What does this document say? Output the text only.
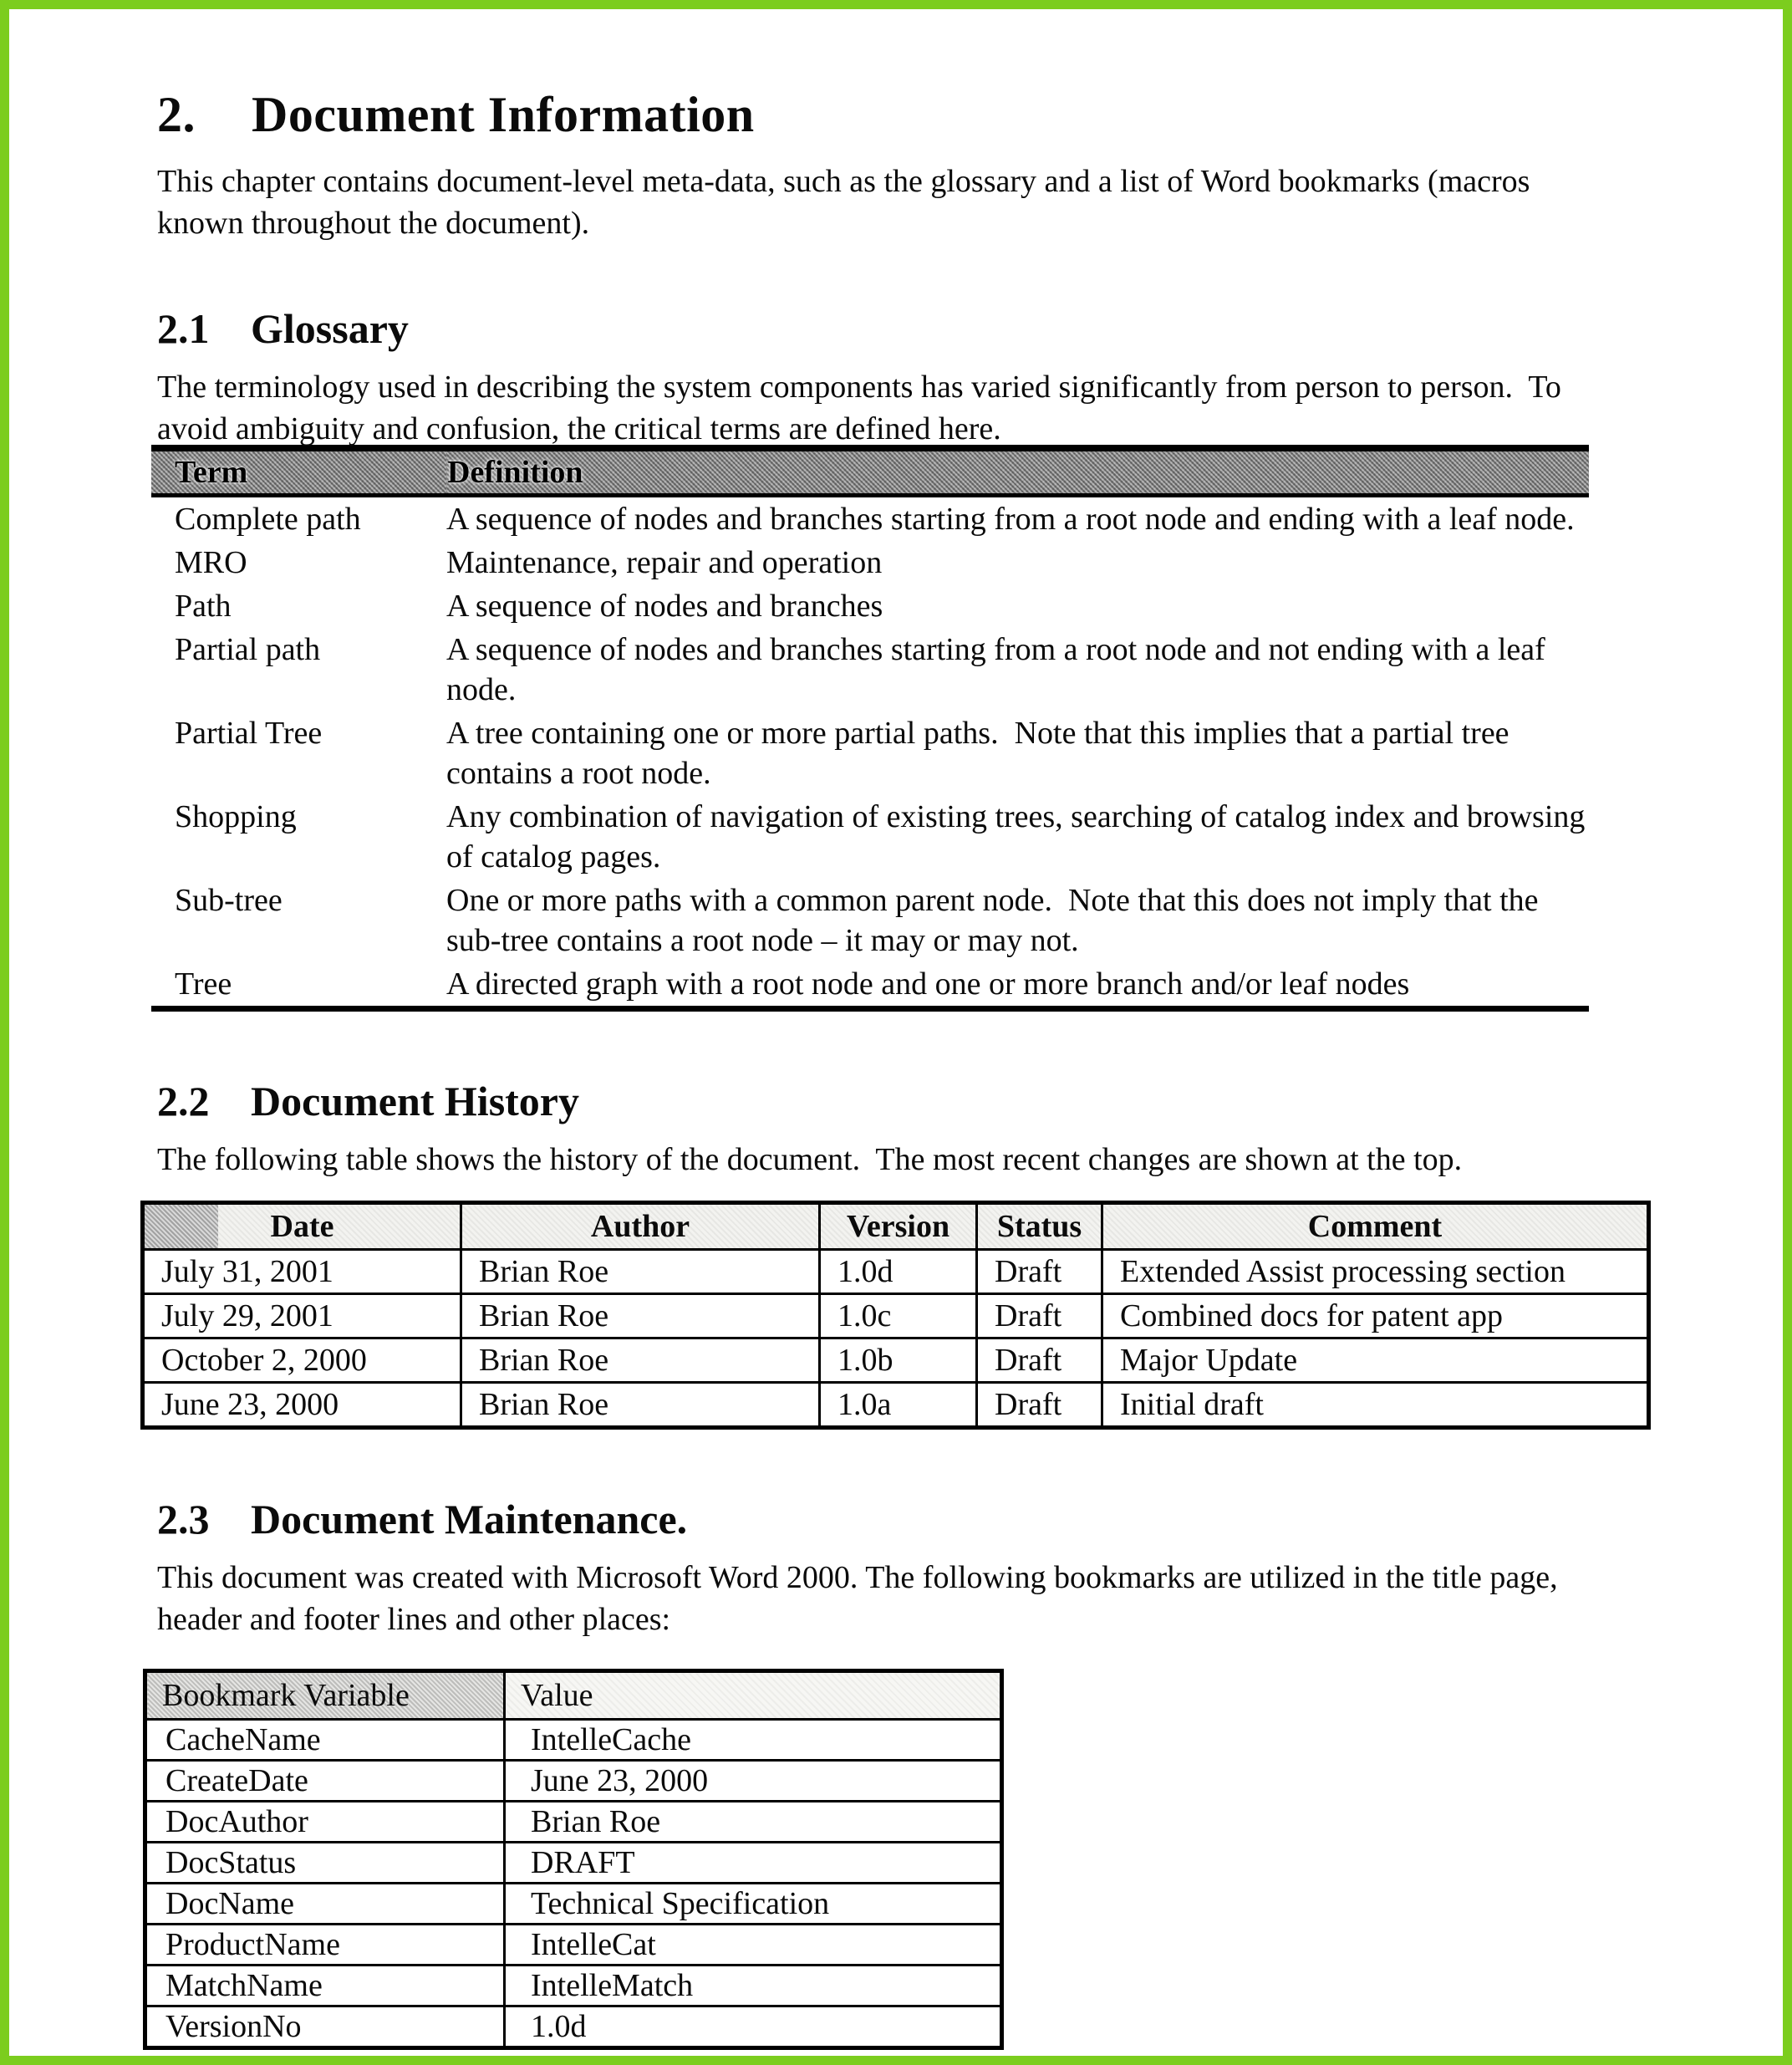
2. Document Information

This chapter contains document-level meta-data, such as the glossary and a list of Word bookmarks (macros known throughout the document).

2.1 Glossary

The terminology used in describing the system components has varied significantly from person to person.  To avoid ambiguity and confusion, the critical terms are defined here.

Term	Definition
Complete path	A sequence of nodes and branches starting from a root node and ending with a leaf node.
MRO	Maintenance, repair and operation
Path	A sequence of nodes and branches
Partial path	A sequence of nodes and branches starting from a root node and not ending with a leaf node.
Partial Tree	A tree containing one or more partial paths.  Note that this implies that a partial tree contains a root node.
Shopping	Any combination of navigation of existing trees, searching of catalog index and browsing of catalog pages.
Sub-tree	One or more paths with a common parent node.  Note that this does not imply that the sub-tree contains a root node – it may or may not.
Tree	A directed graph with a root node and one or more branch and/or leaf nodes
2.2 Document History

The following table shows the history of the document.  The most recent changes are shown at the top.

Date	Author	Version	Status	Comment
July 31, 2001	Brian Roe	1.0d	Draft	Extended Assist processing section
July 29, 2001	Brian Roe	1.0c	Draft	Combined docs for patent app
October 2, 2000	Brian Roe	1.0b	Draft	Major Update
June 23, 2000	Brian Roe	1.0a	Draft	Initial draft
2.3 Document Maintenance.

This document was created with Microsoft Word 2000. The following bookmarks are utilized in the title page, header and footer lines and other places:

Bookmark Variable	Value
CacheName	IntelleCache
CreateDate	June 23, 2000
DocAuthor	Brian Roe
DocStatus	DRAFT
DocName	Technical Specification
ProductName	IntelleCat
MatchName	IntelleMatch
VersionNo	1.0d
